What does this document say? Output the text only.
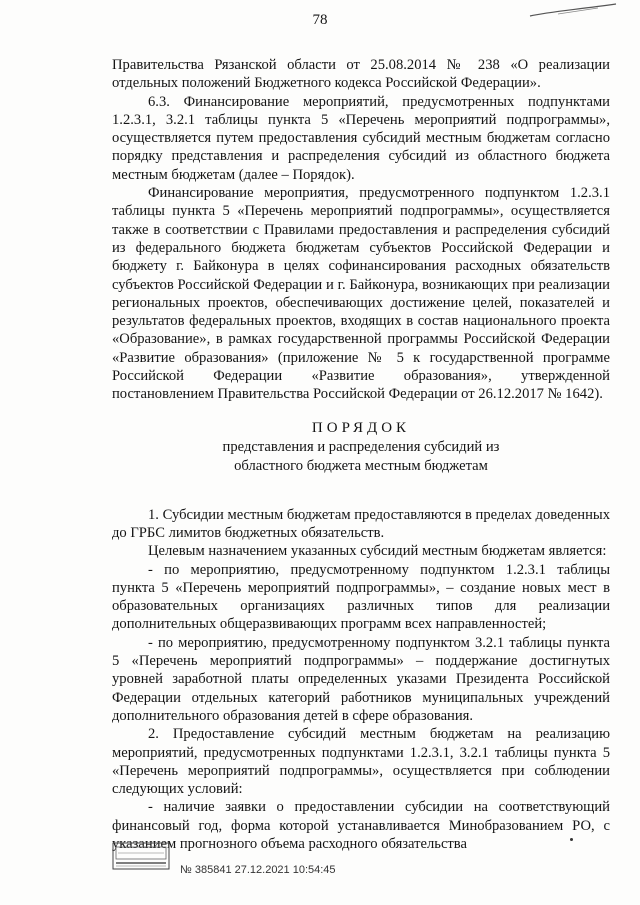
78

Правительства Рязанской области от 25.08.2014 № 238 «О реализации отдельных положений Бюджетного кодекса Российской Федерации».

6.3. Финансирование мероприятий, предусмотренных подпунктами 1.2.3.1, 3.2.1 таблицы пункта 5 «Перечень мероприятий подпрограммы», осуществляется путем предоставления субсидий местным бюджетам согласно порядку представления и распределения субсидий из областного бюджета местным бюджетам (далее – Порядок).

Финансирование мероприятия, предусмотренного подпунктом 1.2.3.1 таблицы пункта 5 «Перечень мероприятий подпрограммы», осуществляется также в соответствии с Правилами предоставления и распределения субсидий из федерального бюджета бюджетам субъектов Российской Федерации и бюджету г. Байконура в целях софинансирования расходных обязательств субъектов Российской Федерации и г. Байконура, возникающих при реализации региональных проектов, обеспечивающих достижение целей, показателей и результатов федеральных проектов, входящих в состав национального проекта «Образование», в рамках государственной программы Российской Федерации «Развитие образования» (приложение № 5 к государственной программе Российской Федерации «Развитие образования», утвержденной постановлением Правительства Российской Федерации от 26.12.2017 № 1642).

ПОРЯДОК
представления и распределения субсидий из
областного бюджета местным бюджетам

1. Субсидии местным бюджетам предоставляются в пределах доведенных до ГРБС лимитов бюджетных обязательств.

Целевым назначением указанных субсидий местным бюджетам является:

- по мероприятию, предусмотренному подпунктом 1.2.3.1 таблицы пункта 5 «Перечень мероприятий подпрограммы», – создание новых мест в образовательных организациях различных типов для реализации дополнительных общеразвивающих программ всех направленностей;

- по мероприятию, предусмотренному подпунктом 3.2.1 таблицы пункта 5 «Перечень мероприятий подпрограммы» – поддержание достигнутых уровней заработной платы определенных указами Президента Российской Федерации отдельных категорий работников муниципальных учреждений дополнительного образования детей в сфере образования.

2. Предоставление субсидий местным бюджетам на реализацию мероприятий, предусмотренных подпунктами 1.2.3.1, 3.2.1 таблицы пункта 5 «Перечень мероприятий подпрограммы», осуществляется при соблюдении следующих условий:

- наличие заявки о предоставлении субсидии на соответствующий финансовый год, форма которой устанавливается Минобразованием РО, с указанием прогнозного объема расходного обязательства

№ 385841 27.12.2021 10:54:45
